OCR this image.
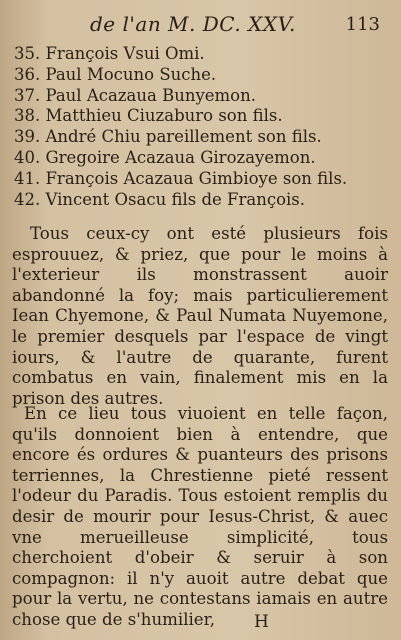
de l'an M. DC. XXV.	113
35. François Vsui Omi.
36. Paul Mocuno Suche.
37. Paul Acazaua Bunyemon.
38. Matthieu Ciuzaburo son fils.
39. André Chiu pareillement son fils.
40. Gregoire Acazaua Girozayemon.
41. François Acazaua Gimbioye son fils.
42. Vincent Osacu fils de François.

Tous ceux-cy ont esté plusieurs fois esprouuez, & priez, que pour le moins à l'exterieur ils monstrassent auoir abandonné la foy; mais particulierement Iean Chyemone, & Paul Numata Nuyemone, le premier desquels par l'espace de vingt iours, & l'autre de quarante, furent combatus en vain, finalement mis en la prison des autres.

En ce lieu tous viuoient en telle façon, qu'ils donnoient bien à entendre, que encore és ordures & puanteurs des prisons terriennes, la Chrestienne pieté ressent l'odeur du Paradis. Tous estoient remplis du desir de mourir pour Iesus-Christ, & auec vne merueilleuse simplicité, tous cherchoient d'obeir & seruir à son compagnon: il n'y auoit autre debat que pour la vertu, ne contestans iamais en autre chose que de s'humilier,	H
